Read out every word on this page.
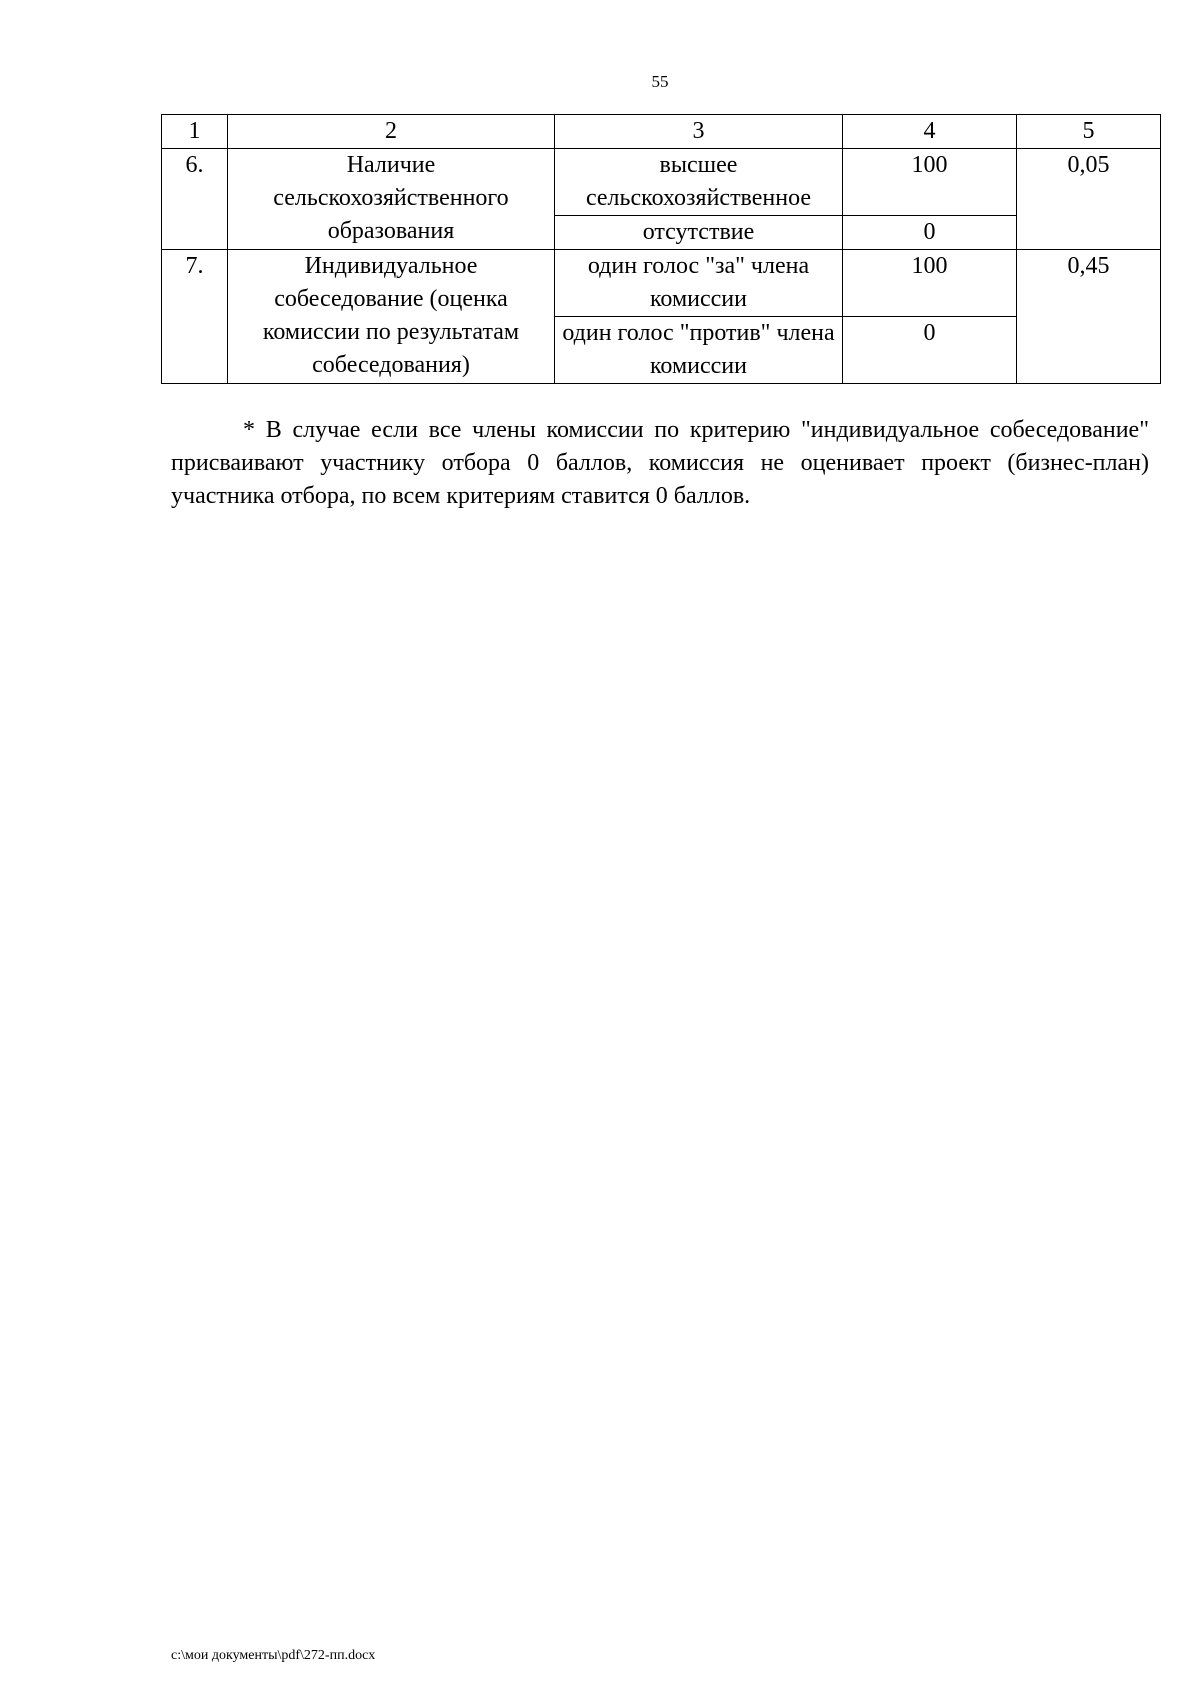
55
1	2	3	4	5
6.	Наличие сельскохозяйственного образования	высшее сельскохозяйственное	100	0,05
		отсутствие	0	
7.	Индивидуальное собеседование (оценка комиссии по результатам собеседования)	один голос "за" члена комиссии	100	0,45
		один голос "против" члена комиссии	0	

* В случае если все члены комиссии по критерию "индивидуальное собеседование" присваивают участнику отбора 0 баллов, комиссия не оценивает проект (бизнес-план) участника отбора, по всем критериям ставится 0 баллов.

c:\мои документы\pdf\272-пп.docx
